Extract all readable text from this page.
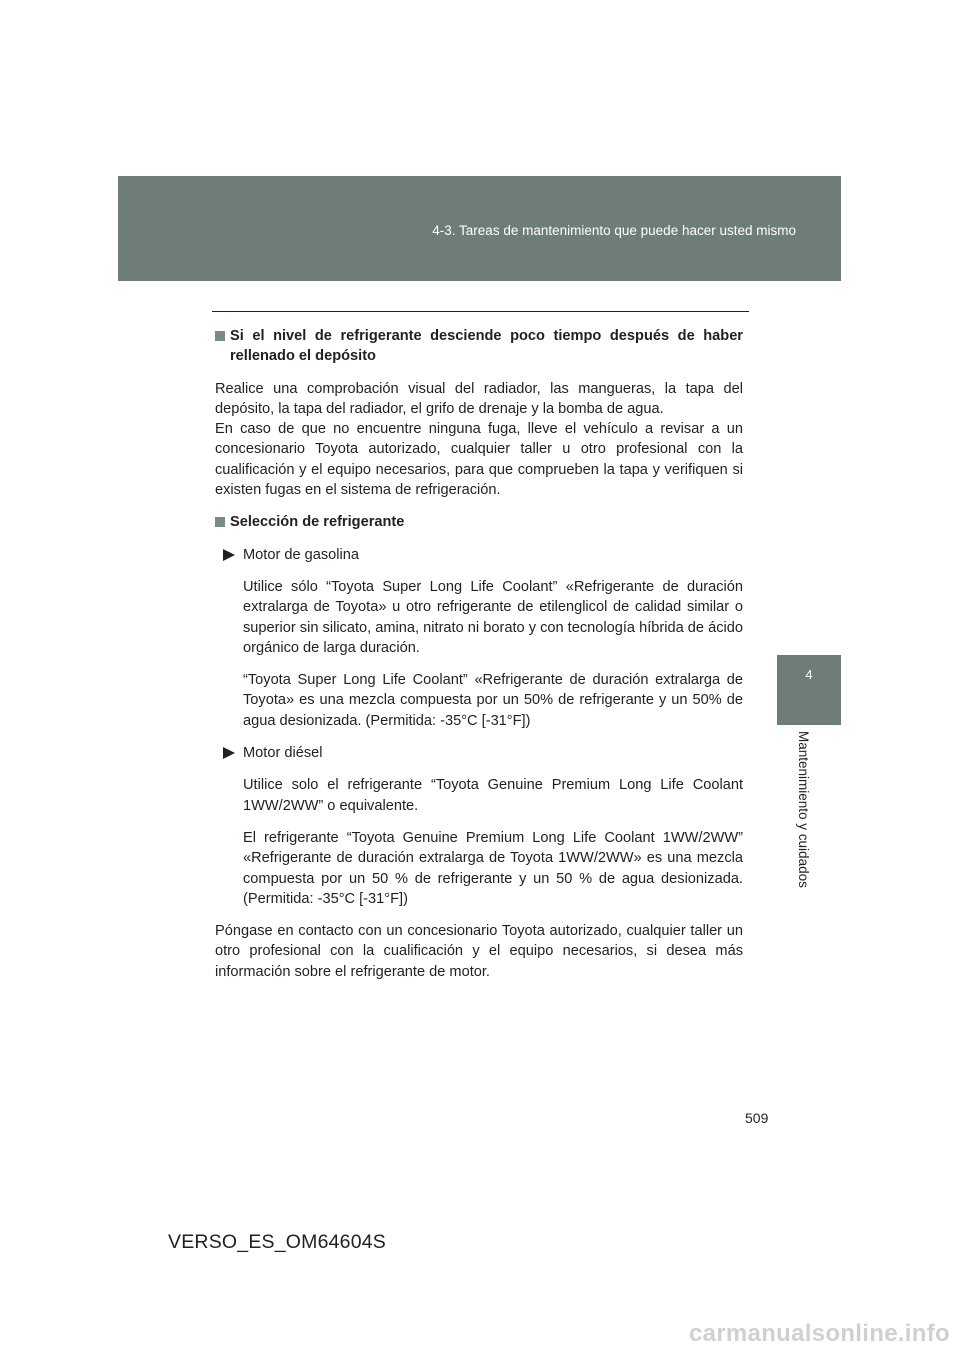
4-3. Tareas de mantenimiento que puede hacer usted mismo
4
Mantenimiento y cuidados
Si el nivel de refrigerante desciende poco tiempo después de haber rellenado el depósito

Realice una comprobación visual del radiador, las mangueras, la tapa del depósito, la tapa del radiador, el grifo de drenaje y la bomba de agua.

En caso de que no encuentre ninguna fuga, lleve el vehículo a revisar a un concesionario Toyota autorizado, cualquier taller u otro profesional con la cualificación y el equipo necesarios, para que comprueben la tapa y verifiquen si existen fugas en el sistema de refrigeración.

Selección de refrigerante
Motor de gasolina

Utilice sólo “Toyota Super Long Life Coolant” «Refrigerante de duración extralarga de Toyota» u otro refrigerante de etilenglicol de calidad similar o superior sin silicato, amina, nitrato ni borato y con tecnología híbrida de ácido orgánico de larga duración.

“Toyota Super Long Life Coolant” «Refrigerante de duración extralarga de Toyota» es una mezcla compuesta por un 50% de refrigerante y un 50% de agua desionizada. (Permitida: -35°C [-31°F])

Motor diésel

Utilice solo el refrigerante “Toyota Genuine Premium Long Life Coolant 1WW/2WW” o equivalente.

El refrigerante “Toyota Genuine Premium Long Life Coolant 1WW/2WW” «Refrigerante de duración extralarga de Toyota 1WW/2WW» es una mezcla compuesta por un 50 % de refrigerante y un 50 % de agua desionizada. (Permitida: -35°C [-31°F])

Póngase en contacto con un concesionario Toyota autorizado, cualquier taller un otro profesional con la cualificación y el equipo necesarios, si desea más información sobre el refrigerante de motor.

509
VERSO_ES_OM64604S
carmanualsonline.info
